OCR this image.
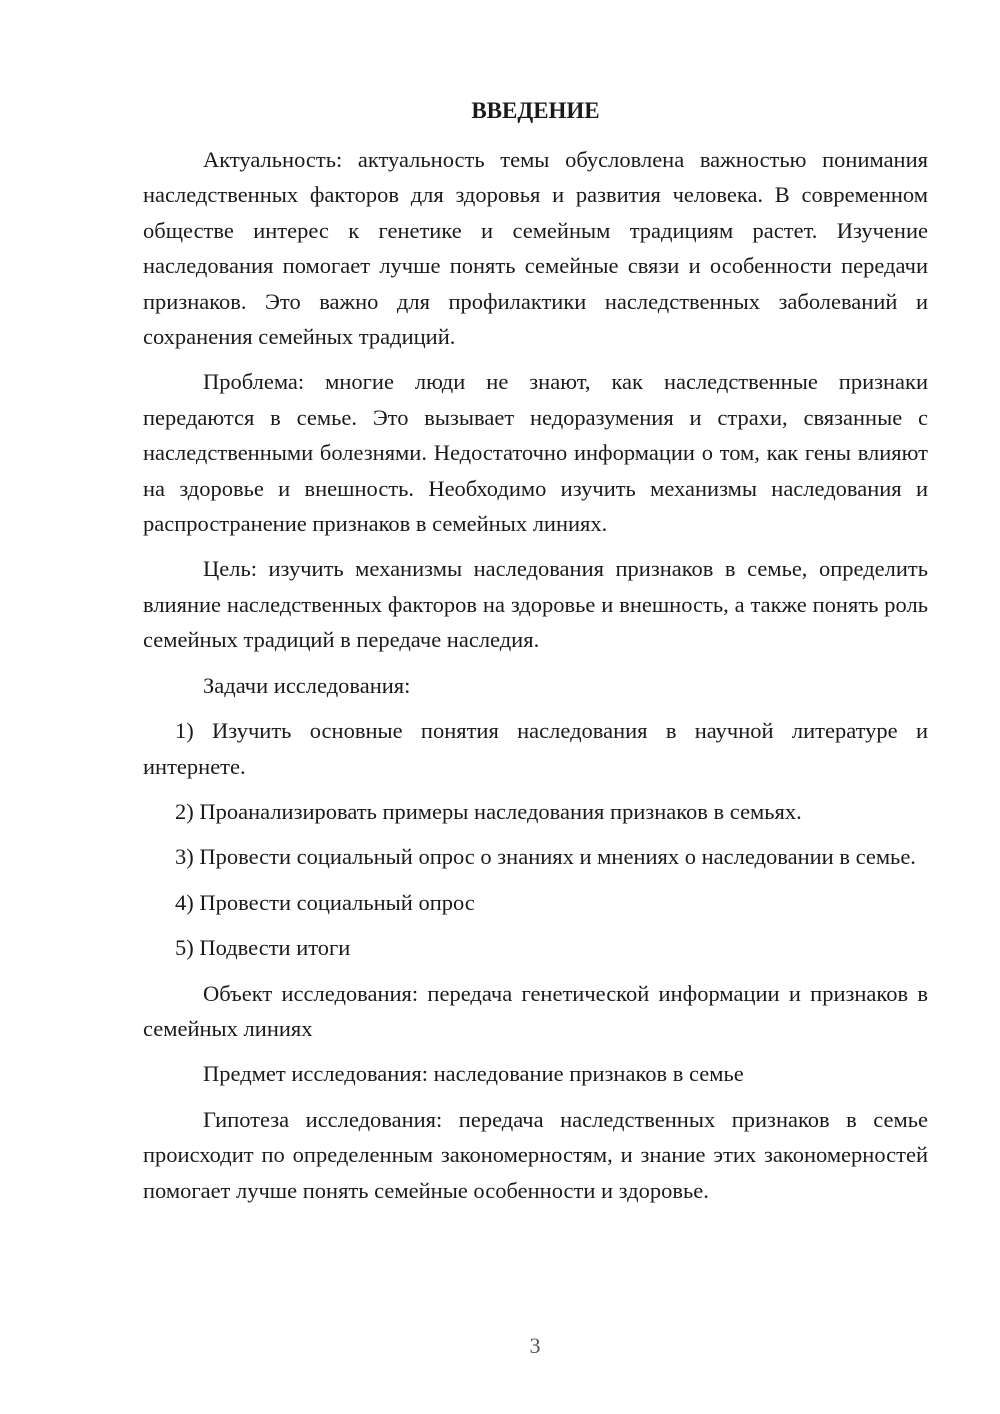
ВВЕДЕНИЕ

Актуальность: актуальность темы обусловлена важностью понимания наследственных факторов для здоровья и развития человека. В современном обществе интерес к генетике и семейным традициям растет. Изучение наследования помогает лучше понять семейные связи и особенности передачи признаков. Это важно для профилактики наследственных заболеваний и сохранения семейных традиций.

Проблема: многие люди не знают, как наследственные признаки передаются в семье. Это вызывает недоразумения и страхи, связанные с наследственными болезнями. Недостаточно информации о том, как гены влияют на здоровье и внешность. Необходимо изучить механизмы наследования и распространение признаков в семейных линиях.

Цель: изучить механизмы наследования признаков в семье, определить влияние наследственных факторов на здоровье и внешность, а также понять роль семейных традиций в передаче наследия.

Задачи исследования:

1) Изучить основные понятия наследования в научной литературе и интернете.

2) Проанализировать примеры наследования признаков в семьях.

3) Провести социальный опрос о знаниях и мнениях о наследовании в семье.

4) Провести социальный опрос

5) Подвести итоги

Объект исследования: передача генетической информации и признаков в семейных линиях

Предмет исследования: наследование признаков в семье

Гипотеза исследования: передача наследственных признаков в семье происходит по определенным закономерностям, и знание этих закономерностей помогает лучше понять семейные особенности и здоровье.

3
